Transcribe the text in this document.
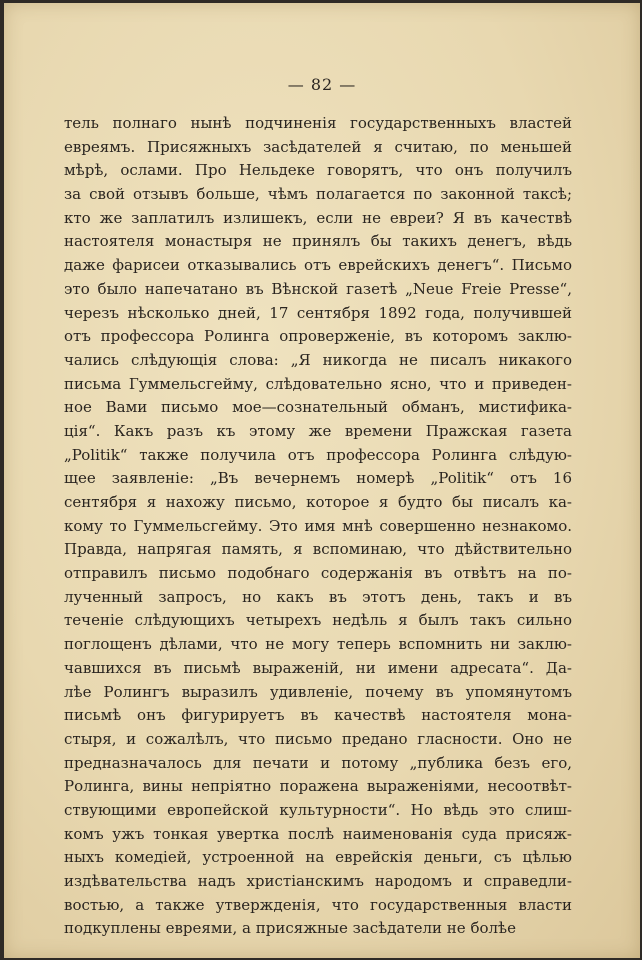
— 82 —
тель полнаго нынѣ подчиненія государственныхъ властей
евреямъ. Присяжныхъ засѣдателей я считаю, по меньшей
мѣрѣ, ослами. Про Нельдеке говорятъ, что онъ получилъ
за свой отзывъ больше, чѣмъ полагается по законной таксѣ;
кто же заплатилъ излишекъ, если не евреи? Я въ качествѣ
настоятеля монастыря не принялъ бы такихъ денегъ, вѣдь
даже фарисеи отказывались отъ еврейскихъ денегъ“. Письмо
это было напечатано въ Вѣнской газетѣ „Neue Freie Presse“,
черезъ нѣсколько дней, 17 сентября 1892 года, получившей
отъ профессора Ролинга опроверженіе, въ которомъ заклю-
чались слѣдующія слова: „Я никогда не писалъ никакого
письма Гуммельсгейму, слѣдовательно ясно, что и приведен-
ное Вами письмо мое—сознательный обманъ, мистифика-
ція“. Какъ разъ къ этому же времени Пражская газета
„Politik“ также получила отъ профессора Ролинга слѣдую-
щее заявленіе: „Въ вечернемъ номерѣ „Politik“ отъ 16
сентября я нахожу письмо, которое я будто бы писалъ ка-
кому то Гуммельсгейму. Это имя мнѣ совершенно незнакомо.
Правда, напрягая память, я вспоминаю, что дѣйствительно
отправилъ письмо подобнаго содержанія въ отвѣтъ на по-
лученный запросъ, но какъ въ этотъ день, такъ и въ
теченіе слѣдующихъ четырехъ недѣль я былъ такъ сильно
поглощенъ дѣлами, что не могу теперь вспомнить ни заклю-
чавшихся въ письмѣ выраженій, ни имени адресата“. Да-
лѣе Ролингъ выразилъ удивленіе, почему въ упомянутомъ
письмѣ онъ фигурируетъ въ качествѣ настоятеля мона-
стыря, и сожалѣлъ, что письмо предано гласности. Оно не
предназначалось для печати и потому „публика безъ его,
Ролинга, вины непріятно поражена выраженіями, несоотвѣт-
ствующими европейской культурности“. Но вѣдь это слиш-
комъ ужъ тонкая увертка послѣ наименованія суда присяж-
ныхъ комедіей, устроенной на еврейскія деньги, съ цѣлью
издѣвательства надъ христіанскимъ народомъ и справедли-
востью, а также утвержденія, что государственныя власти
подкуплены евреями, а присяжные засѣдатели не болѣе
